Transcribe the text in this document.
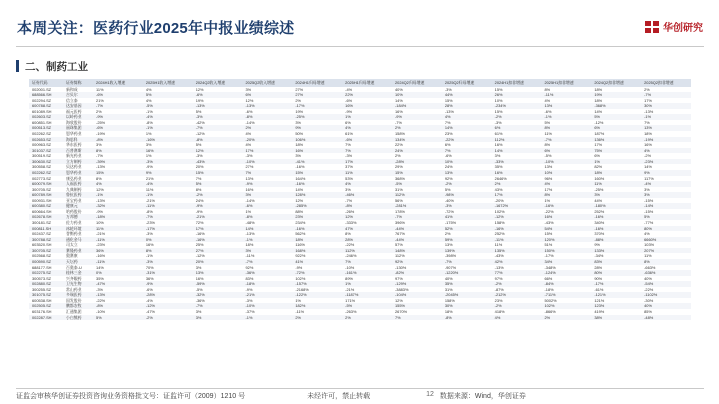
本周关注：医药行业2025年中报业绩综述	华创研究
二、制药工业
证券代码	证券简称	2024H1收入增速	2025H1收入增速	2024Q2收入增速	2025Q2收入增速	2024H1归母增速	2025H1归母增速	2024Q2归母增速	2025Q2归母增速	2024H1扣非增速	2025H1扣非增速	2024Q2扣非增速	2025Q2扣非增速
002001.SZ	新和成	11%	4%	12%	3%	27%	-4%	40%	-3%	15%	8%	18%	2%
688566.SH	吉贝尔	-6%	5%	-6%	6%	27%	22%	10%	44%	26%	-11%	19%	-7%
002294.SZ	信立泰	21%	4%	19%	12%	2%	-6%	14%	15%	10%	4%	18%	17%
600788.SZ	达安基因	-7%	-5%	-13%	-13%	-17%	16%	-184%	28%	-234%	13%	-368%	30%
601089.SH	福元医药	2%	-1%	5%	-6%	19%	-9%	16%	-13%	15%	-6%	14%	-13%
002603.SZ	以岭药业	-9%	-4%	-3%	-8%	-25%	1%	-9%	4%	-2%	-1%	5%	-1%
600851.SH	海欣股份	-25%	-8%	-42%	-14%	3%	6%	-7%	7%	-3%	5%	-12%	7%
000513.SZ	丽珠集团	-6%	-1%	-7%	2%	9%	4%	2%	14%	6%	8%	6%	13%
002262.SZ	恩华药业	-19%	1%	-12%	4%	50%	61%	158%	23%	61%	11%	187%	18%
002653.SZ	海思科	-8%	-16%	-8%	-20%	106%	-6%	134%	-22%	112%	-7%	136%	-19%
000963.SZ	华东医药	3%	3%	5%	4%	18%	7%	22%	6%	16%	8%	17%	16%
301037.SZ	百普赛斯	8%	16%	12%	17%	16%	7%	24%	7%	14%	6%	75%	4%
300519.SZ	新光药业	-7%	1%	-3%	-3%	3%	-3%	2%	-6%	3%	-5%	6%	-2%
300630.SZ	立方制药	-39%	-3%	-43%	-10%	-41%	17%	-28%	10%	-33%	-10%	1%	-23%
300558.SZ	贝达药业	-13%	-9%	20%	27%	-16%	37%	29%	24%	35%	13%	82%	14%
002262.SZ	恩华药业	15%	9%	15%	7%	15%	11%	15%	13%	16%	10%	18%	9%
002773.SZ	康弘药业	8%	21%	7%	13%	164%	53%	368%	92%	2646%	96%	160%	117%
600079.SH	人福医药	4%	-4%	5%	-9%	-16%	4%	-5%	-2%	2%	4%	11%	-4%
300705.SZ	九典制药	12%	11%	8%	16%	14%	3%	31%	5%	43%	17%	-25%	3%
600789.SH	鲁抗医药	-1%	-1%	-2%	3%	128%	-46%	112%	-98%	17%	8%	3%	3%
000931.SH	亚宝药业	-13%	-21%	24%	-14%	12%	-7%	56%	-40%	-20%	1%	44%	-15%
600380.SZ	健康元	-32%	-11%	-9%	-6%	-285%	-8%	-281%	-3%	-1672%	-16%	-180%	-14%
600664.SH	哈药股份	-9%	-8%	-9%	1%	88%	-26%	178%	-72%	102%	-22%	252%	-15%
002678.SH	万邦德	-18%	-7%	-21%	-8%	23%	12%	-7%	41%	-12%	16%	-16%	5%
300181.SZ	佐力药业	10%	-23%	72%	-48%	234%	-333%	396%	-175%	158%	-43%	340%	-77%
000811.SH	冰轮环境	11%	-17%	17%	14%	-16%	47%	-44%	52%	-16%	54%	-16%	80%
002437.SZ	誉衡药业	-21%	-3%	-16%	-13%	562%	8%	767%	2%	252%	15%	370%	4%
300788.SZ	通化金马	-11%	0%	-16%	-1%	18%	28%	-44%	59%	-11%	120%	-88%	6660%
603520.SH	司太立	-23%	16%	25%	18%	116%	-22%	57%	13%	11%	51%	9%	103%
300705.SZ	赛隆药业	36%	8%	27%	3%	168%	112%	148%	139%	135%	150%	133%	207%
002568.SZ	奥赛康	-16%	-1%	-12%	-11%	922%	-246%	112%	-398%	-43%	-17%	-34%	11%
000590.SZ	天坛药	-11%	-3%	20%	-7%	41%	7%	92%	-7%	42%	34%	83%	8%
688177.SH	百奥泰-U	14%	70%	3%	92%	-9%	-10%	-130%	-907%	-13%	-348%	28%	-663%
002275.SZ	桂林三金	0%	-31%	13%	-36%	-72%	-161%	-82%	-1220%	77%	-124%	80%	-636%
300573.SZ	兴齐眼药	35%	36%	16%	83%	102%	89%	97%	40%	97%	66%	90%	40%
002880.SZ	卫光生物	-47%	-9%	-59%	-18%	-157%	1%	-129%	35%	-2%	-84%	-17%	-54%
300255.SZ	常山药业	-3%	-6%	-5%	-9%	-2168%	-21%	-3883%	31%	-87%	-18%	-61%	-22%
301075.SZ	多瑞医药	-13%	-28%	-32%	-21%	-122%	-1187%	-104%	-2045%	-212%	-711%	-121%	-1102%
600538.SH	国发股份	-22%	-4%	-36%	-3%	1%	171%	12%	158%	23%	5002%	121%	-30%
002505.SZ	鹏都农牧	-8%	-12%	-7%	-10%	182%	-5%	155%	30%	-2%	102%	123%	40%
603176.SH	汇通集团	-10%	-47%	3%	-37%	-11%	-263%	2670%	18%	418%	-866%	419%	85%
002287.SH	小白熊药	5%	-2%	3%	-1%	2%	2%	7%	-8%	4%	2%	38%	-48%
证监会审核华创证券投资咨询业务资格批文号：证监许可（2009）1210 号	未经许可，禁止转载	12 数据来源：Wind，华创证券
